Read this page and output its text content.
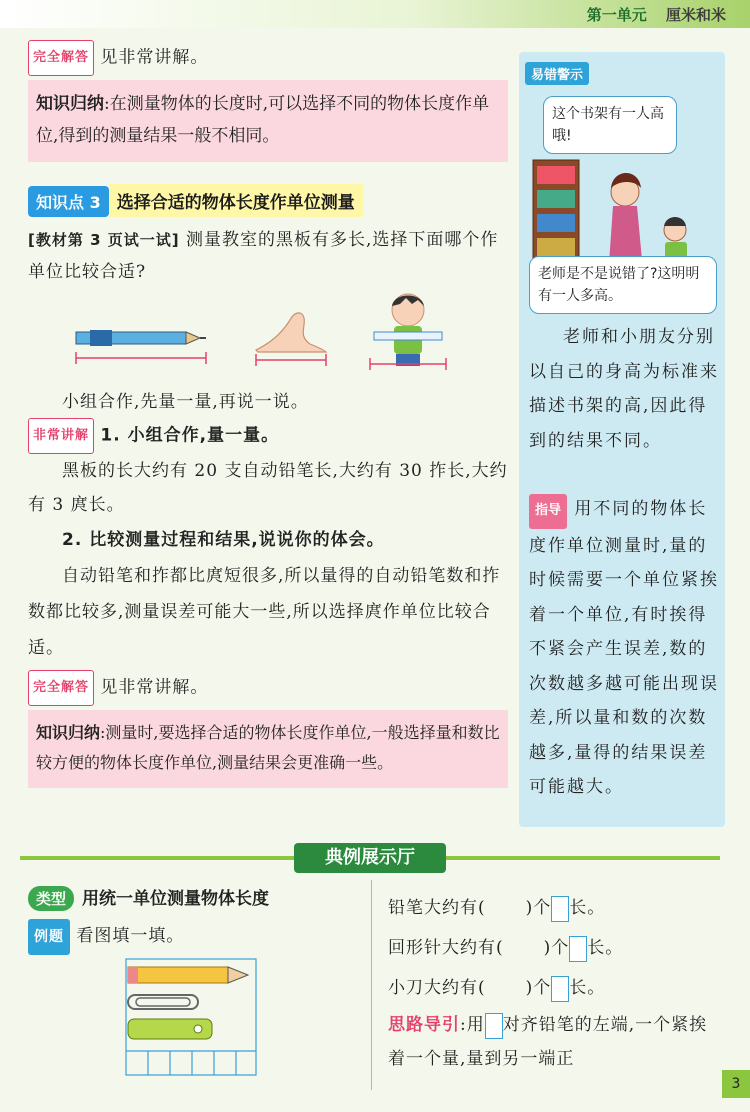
第一单元 厘米和米
完全解答 见非常讲解。
知识归纳:在测量物体的长度时,可以选择不同的物体长度作单位,得到的测量结果一般不相同。
知识点 3 选择合适的物体长度作单位测量
[教材第 3 页试一试] 测量教室的黑板有多长,选择下面哪个作单位比较合适?
小组合作,先量一量,再说一说。
非常讲解 1. 小组合作,量一量。
黑板的长大约有 20 支自动铅笔长,大约有 30 拃长,大约有 3 庹长。
2. 比较测量过程和结果,说说你的体会。
自动铅笔和拃都比庹短很多,所以量得的自动铅笔数和拃数都比较多,测量误差可能大一些,所以选择庹作单位比较合适。
完全解答 见非常讲解。
知识归纳:测量时,要选择合适的物体长度作单位,一般选择量和数比较方便的物体长度作单位,测量结果会更准确一些。
易错警示
这个书架有一人高哦!
老师是不是说错了?这明明有一人多高。
老师和小朋友分别以自己的身高为标准来描述书架的高,因此得到的结果不同。
指导 用不同的物体长度作单位测量时,量的时候需要一个单位紧挨着一个单位,有时挨得不紧会产生误差,数的次数越多越可能出现误差,所以量和数的次数越多,量得的结果误差可能越大。
典例展示厅
类型 用统一单位测量物体长度
例题 看图填一填。
铅笔大约有( )个 长。
回形针大约有( )个 长。
小刀大约有( )个 长。
思路导引:用 对齐铅笔的左端,一个紧挨着一个量,量到另一端正
3
